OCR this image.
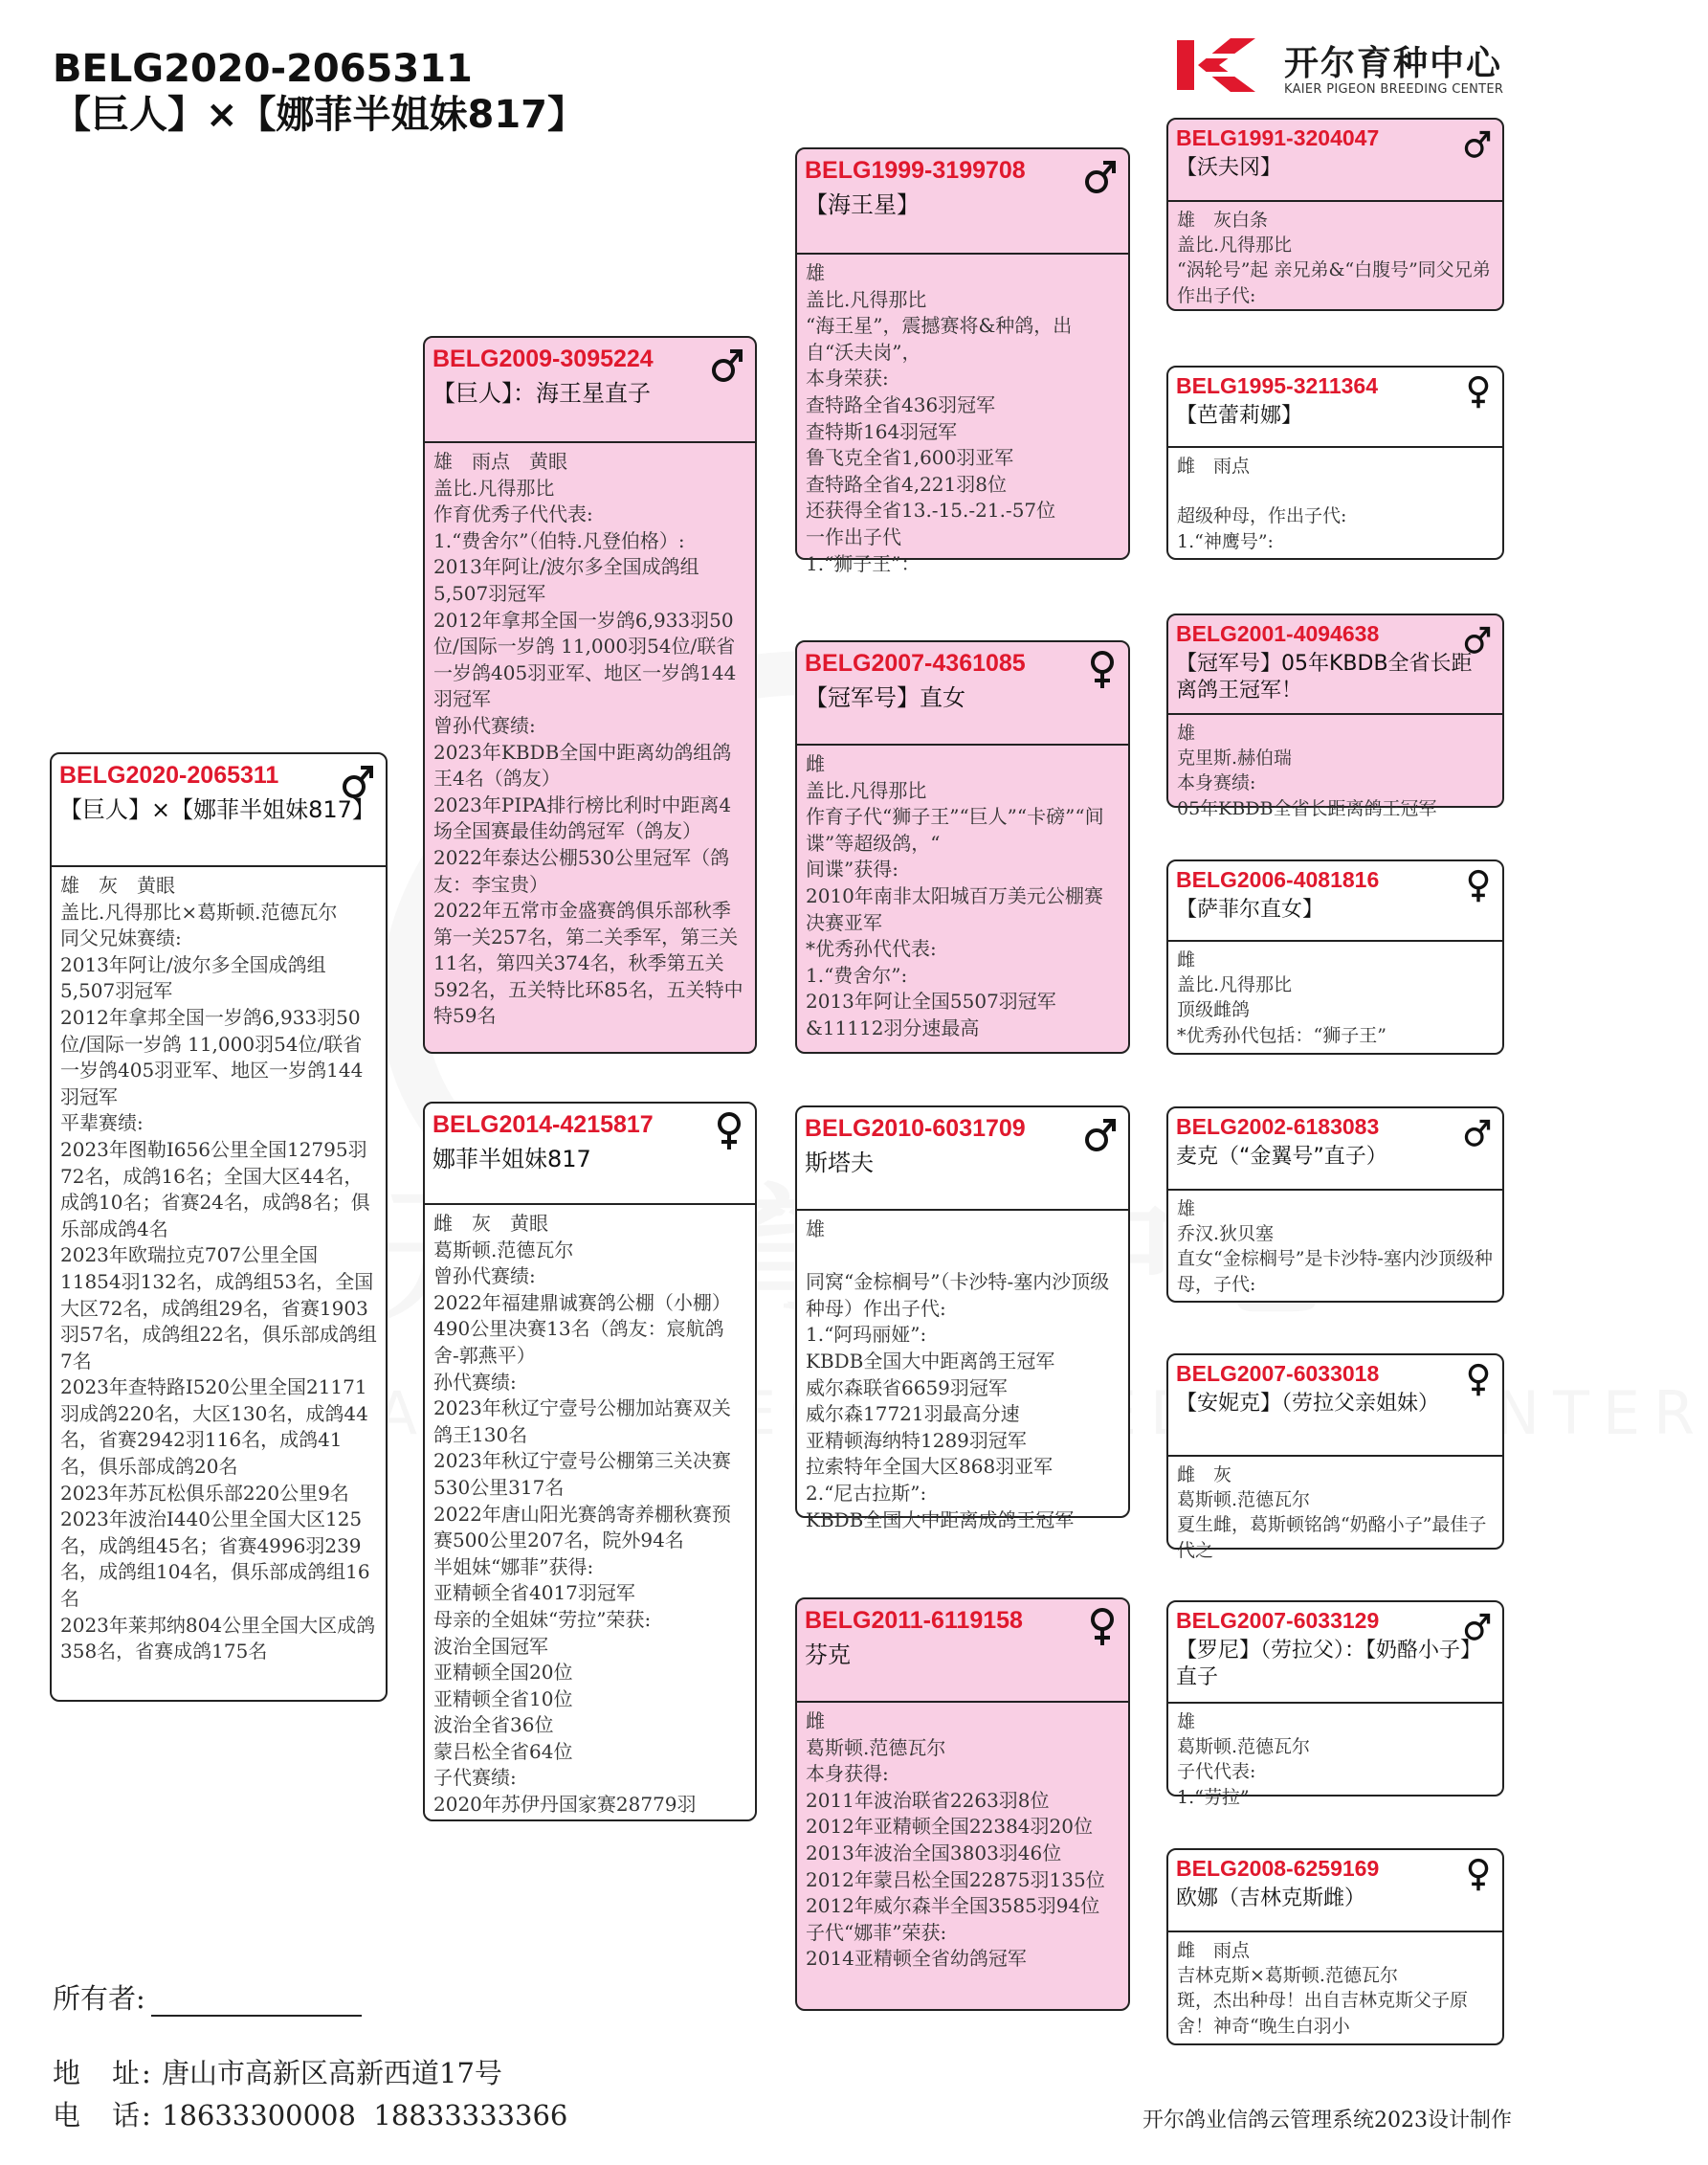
BELG2020-2065311
【巨人】×【娜菲半姐妹817】
开尔育种中心
KAIER PIGEON BREEDING CENTER
BELG2020-2065311
【巨人】×【娜菲半姐妹817】
雄　灰　黄眼
盖比.凡得那比×葛斯顿.范德瓦尔
同父兄妹赛绩:
2013年阿让/波尔多全国成鸽组5,507羽冠军
2012年拿邦全国一岁鸽6,933羽50位/国际一岁鸽 11,000羽54位/联省一岁鸽405羽亚军、地区一岁鸽144羽冠军
平辈赛绩:
2023年图勒I656公里全国12795羽72名，成鸽16名；全国大区44名，成鸽10名；省赛24名，成鸽8名；俱乐部成鸽4名
2023年欧瑞拉克707公里全国11854羽132名，成鸽组53名，全国大区72名，成鸽组29名，省赛1903羽57名，成鸽组22名，俱乐部成鸽组7名
2023年查特路I520公里全国21171羽成鸽220名，大区130名，成鸽44名，省赛2942羽116名，成鸽41名，俱乐部成鸽20名
2023年苏瓦松俱乐部220公里9名
2023年波治Ⅰ440公里全国大区125名，成鸽组45名；省赛4996羽239名，成鸽组104名，俱乐部成鸽组16名
2023年莱邦纳804公里全国大区成鸽358名，省赛成鸽175名
BELG2009-3095224
【巨人】：海王星直子
雄　雨点　黄眼
盖比.凡得那比
作育优秀子代代表:
1.“费舍尔”（伯特.凡登伯格）:
2013年阿让/波尔多全国成鸽组5,507羽冠军
2012年拿邦全国一岁鸽6,933羽50位/国际一岁鸽 11,000羽54位/联省一岁鸽405羽亚军、地区一岁鸽144羽冠军
曾孙代赛绩:
2023年KBDB全国中距离幼鸽组鸽王4名（鸽友）
2023年PIPA排行榜比利时中距离4场全国赛最佳幼鸽冠军（鸽友）
2022年泰达公棚530公里冠军（鸽友：李宝贵）
2022年五常市金盛赛鸽俱乐部秋季第一关257名，第二关季军，第三关11名，第四关374名，秋季第五关592名，五关特比环85名，五关特中特59名
BELG2014-4215817
娜菲半姐妹817
雌　灰　黄眼
葛斯顿.范德瓦尔
曾孙代赛绩:
2022年福建鼎诚赛鸽公棚（小棚）490公里决赛13名（鸽友：宸航鸽舍-郭燕平）
孙代赛绩:
2023年秋辽宁壹号公棚加站赛双关鸽王130名
2023年秋辽宁壹号公棚第三关决赛530公里317名
2022年唐山阳光赛鸽寄养棚秋赛预赛500公里207名，院外94名
半姐妹“娜菲”获得:
亚精顿全省4017羽冠军
母亲的全姐妹“劳拉”荣获:
波治全国冠军
亚精顿全国20位
亚精顿全省10位
波治全省36位
蒙吕松全省64位
子代赛绩:
2020年苏伊丹国家赛28779羽
BELG1999-3199708
【海王星】
雄
盖比.凡得那比
“海王星”，震撼赛将&种鸽，出自“沃夫岗”，
本身荣获:
查特路全省436羽冠军
查特斯164羽冠军
鲁飞克全省1,600羽亚军
查特路全省4,221羽8位
还获得全省13.-15.-21.-57位
一作出子代
1.“狮子王”：
BELG2007-4361085
【冠军号】直女
雌
盖比.凡得那比
作育子代“狮子王”“巨人”“卡磅”“间谍”等超级鸽，“
间谍”获得:
2010年南非太阳城百万美元公棚赛决赛亚军
*优秀孙代代表:
1.“费舍尔”:
2013年阿让全国5507羽冠军&11112羽分速最高
BELG2010-6031709
斯塔夫
雄

同窝“金棕榈号”（卡沙特-塞内沙顶级种母）作出子代:
1.“阿玛丽娅”:
KBDB全国大中距离鸽王冠军
威尔森联省6659羽冠军
威尔森17721羽最高分速
亚精顿海纳特1289羽冠军
拉索特年全国大区868羽亚军
2.“尼古拉斯”:
KBDB全国大中距离成鸽王冠军
BELG2011-6119158
芬克
雌
葛斯顿.范德瓦尔
本身获得:
2011年波治联省2263羽8位
2012年亚精顿全国22384羽20位
2013年波治全国3803羽46位
2012年蒙吕松全国22875羽135位
2012年威尔森半全国3585羽94位
子代“娜菲”荣获:
2014亚精顿全省幼鸽冠军
BELG1991-3204047
【沃夫冈】
雄　灰白条
盖比.凡得那比
“涡轮号”起 亲兄弟&“白腹号”同父兄弟
作出子代:
BELG1995-3211364
【芭蕾莉娜】
雌　雨点

超级种母，作出子代:
1.“神鹰号”:
BELG2001-4094638
【冠军号】05年KBDB全省长距离鸽王冠军！
雄
克里斯.赫伯瑞
本身赛绩:
05年KBDB全省长距离鸽王冠军
BELG2006-4081816
【萨菲尔直女】
雌
盖比.凡得那比
顶级雌鸽
*优秀孙代包括：“狮子王”
BELG2002-6183083
麦克（“金翼号”直子）
雄
乔汉.狄贝塞
直女“金棕榈号”是卡沙特-塞内沙顶级种母，子代:
BELG2007-6033018
【安妮克】（劳拉父亲姐妹）
雌　灰
葛斯顿.范德瓦尔
夏生雌，葛斯顿铭鸽“奶酪小子”最佳子代之
BELG2007-6033129
【罗尼】（劳拉父）：【奶酪小子】直子
雄
葛斯顿.范德瓦尔
子代代表:
1.“劳拉”
BELG2008-6259169
欧娜（吉林克斯雌）
雌　雨点
吉林克斯×葛斯顿.范德瓦尔
斑，杰出种母！出自吉林克斯父子原舍！神奇“晚生白羽小
所有者:
地　址: 唐山市高新区高新西道17号
电　话: 18633300008  18833333366	开尔鸽业信鸽云管理系统2023设计制作
